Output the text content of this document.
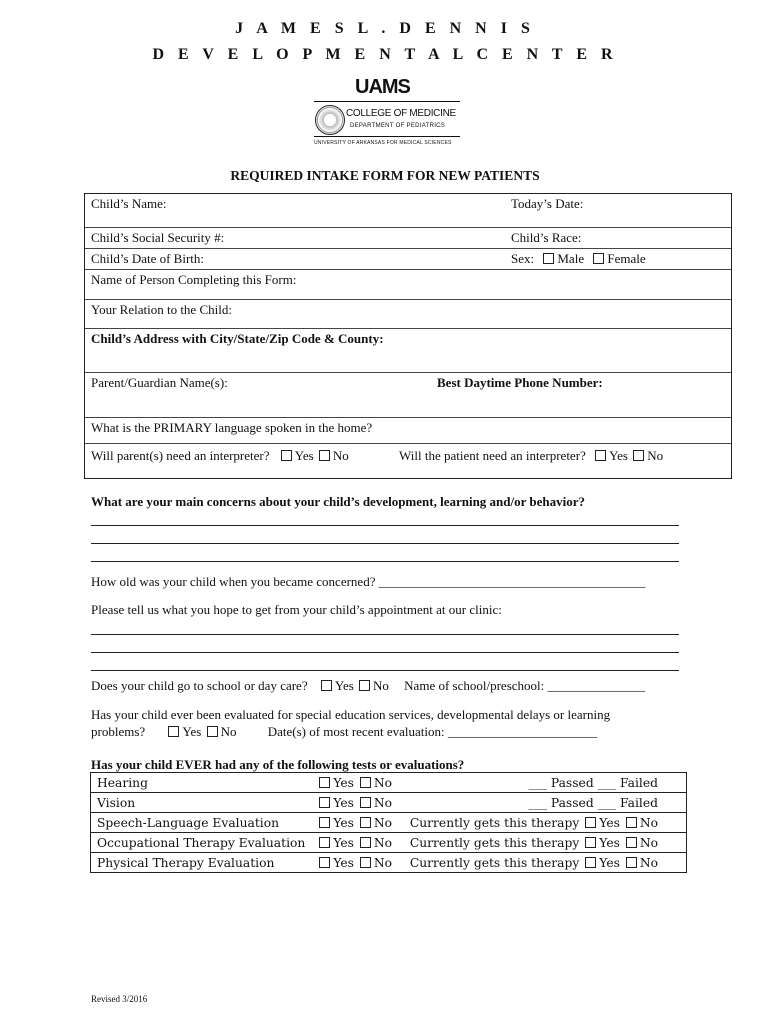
J A M E S L . D E N N I S
D E V E L O P M E N T A L C E N T E R
UAMS
COLLEGE OF MEDICINE
DEPARTMENT OF PEDIATRICS
UNIVERSITY OF ARKANSAS FOR MEDICAL SCIENCES
REQUIRED INTAKE FORM FOR NEW PATIENTS
Child’s Name:	Today’s Date:
Child’s Social Security #:	Child’s Race:
Child’s Date of Birth:	Sex: Male Female
Name of Person Completing this Form:
Your Relation to the Child:
Child’s Address with City/State/Zip Code & County:
Parent/Guardian Name(s):	Best Daytime Phone Number:
What is the PRIMARY language spoken in the home?
Will parent(s) need an interpreter? Yes No	Will the patient need an interpreter? Yes No
What are your main concerns about your child’s development, learning and/or behavior?
How old was your child when you became concerned? _________________________________________
Please tell us what you hope to get from your child’s appointment at our clinic:
Does your child go to school or day care? Yes No Name of school/preschool: _______________
Has your child ever been evaluated for special education services, developmental delays or learning
problems?	Yes No Date(s) of most recent evaluation: _______________________
Has your child EVER had any of the following tests or evaluations?
Hearing	Yes No	___ Passed ___ Failed
Vision	Yes No	___ Passed ___ Failed
Speech-Language Evaluation	Yes No	Currently gets this therapy Yes No
Occupational Therapy Evaluation	Yes No	Currently gets this therapy Yes No
Physical Therapy Evaluation	Yes No	Currently gets this therapy Yes No
Revised 3/2016
